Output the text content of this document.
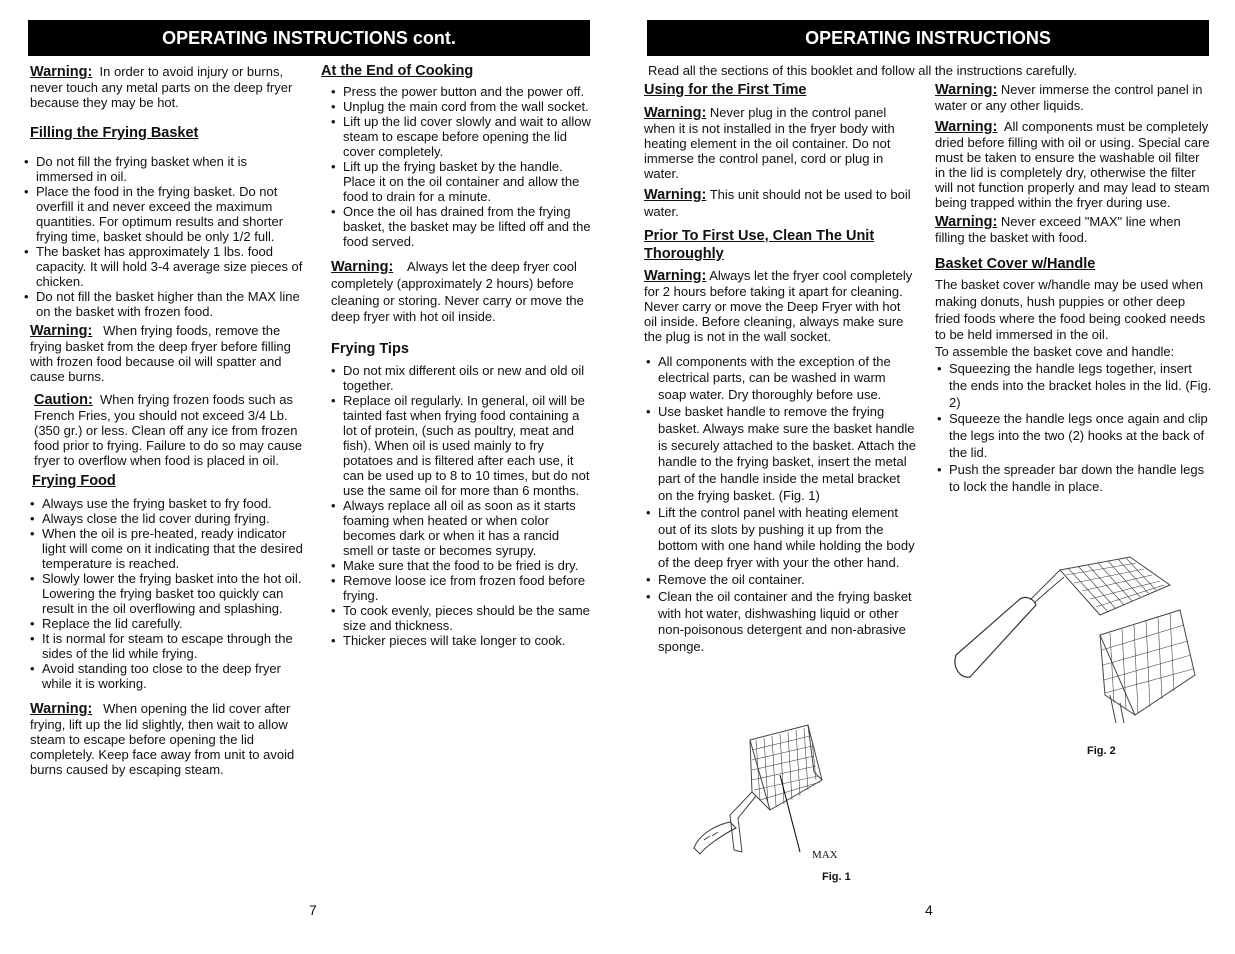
OPERATING INSTRUCTIONS cont.

Warning: In order to avoid injury or burns, never touch any metal parts on the deep fryer because they may be hot.

Filling the Frying Basket

• Do not fill the frying basket when it is immersed in oil.
• Place the food in the frying basket. Do not overfill it and never exceed the maximum quantities. For optimum results and shorter frying time, basket should be only 1/2 full.
• The basket has approximately 1 lbs. food capacity. It will hold 3-4 average size pieces of chicken.
• Do not fill the basket higher than the MAX line on the basket with frozen food.

Warning: When frying foods, remove the frying basket from the deep fryer before filling with frozen food because oil will spatter and cause burns.

Caution: When frying frozen foods such as French Fries, you should not exceed 3/4 Lb. (350 gr.) or less. Clean off any ice from frozen food prior to frying. Failure to do so may cause fryer to overflow when food is placed in oil.

Frying Food

• Always use the frying basket to fry food.
• Always close the lid cover during frying.
• When the oil is pre-heated, ready indicator light will come on it indicating that the desired temperature is reached.
• Slowly lower the frying basket into the hot oil. Lowering the frying basket too quickly can result in the oil overflowing and splashing.
• Replace the lid carefully.
• It is normal for steam to escape through the sides of the lid while frying.
• Avoid standing too close to the deep fryer while it is working.

Warning: When opening the lid cover after frying, lift up the lid slightly, then wait to allow steam to escape before opening the lid completely. Keep face away from unit to avoid burns caused by escaping steam.

At the End of Cooking

• Press the power button and the power off.
• Unplug the main cord from the wall socket.
• Lift up the lid cover slowly and wait to allow steam to escape before opening the lid cover completely.
• Lift up the frying basket by the handle. Place it on the oil container and allow the food to drain for a minute.
• Once the oil has drained from the frying basket, the basket may be lifted off and the food served.

Warning: Always let the deep fryer cool completely (approximately 2 hours) before cleaning or storing. Never carry or move the deep fryer with hot oil inside.

Frying Tips

• Do not mix different oils or new and old oil together.
• Replace oil regularly. In general, oil will be tainted fast when frying food containing a lot of protein, (such as poultry, meat and fish). When oil is used mainly to fry potatoes and is filtered after each use, it can be used up to 8 to 10 times, but do not use the same oil for more than 6 months.
• Always replace all oil as soon as it starts foaming when heated or when color becomes dark or when it has a rancid smell or taste or becomes syrupy.
• Make sure that the food to be fried is dry.
• Remove loose ice from frozen food before frying.
• To cook evenly, pieces should be the same size and thickness.
• Thicker pieces will take longer to cook.
7
OPERATING INSTRUCTIONS

Read all the sections of this booklet and follow all the instructions carefully.

Using for the First Time

Warning: Never plug in the control panel when it is not installed in the fryer body with heating element in the oil container. Do not immerse the control panel, cord or plug in water.

Warning: This unit should not be used to boil water.

Prior To First Use, Clean The Unit Thoroughly

Warning: Always let the fryer cool completely for 2 hours before taking it apart for cleaning. Never carry or move the Deep Fryer with hot oil inside. Before cleaning, always make sure the plug is not in the wall socket.

• All components with the exception of the electrical parts, can be washed in warm soap water. Dry thoroughly before use.
• Use basket handle to remove the frying basket. Always make sure the basket handle is securely attached to the basket. Attach the handle to the frying basket, insert the metal part of the handle inside the metal bracket on the frying basket. (Fig. 1)
• Lift the control panel with heating element out of its slots by pushing it up from the bottom with one hand while holding the body of the deep fryer with your the other hand.
• Remove the oil container.
• Clean the oil container and the frying basket with hot water, dishwashing liquid or other non-poisonous detergent and non-abrasive sponge.
MAX
Fig. 1

Warning: Never immerse the control panel in water or any other liquids.

Warning: All components must be completely dried before filling with oil or using. Special care must be taken to ensure the washable oil filter in the lid is completely dry, otherwise the filter will not function properly and may lead to steam being trapped within the fryer during use.

Warning: Never exceed "MAX" line when filling the basket with food.

Basket Cover w/Handle

The basket cover w/handle may be used when making donuts, hush puppies or other deep fried foods where the food being cooked needs to be held immersed in the oil.

To assemble the basket cove and handle:

• Squeezing the handle legs together, insert the ends into the bracket holes in the lid. (Fig. 2)
• Squeeze the handle legs once again and clip the legs into the two (2) hooks at the back of the lid.
• Push the spreader bar down the handle legs to lock the handle in place.
Fig. 2
4
